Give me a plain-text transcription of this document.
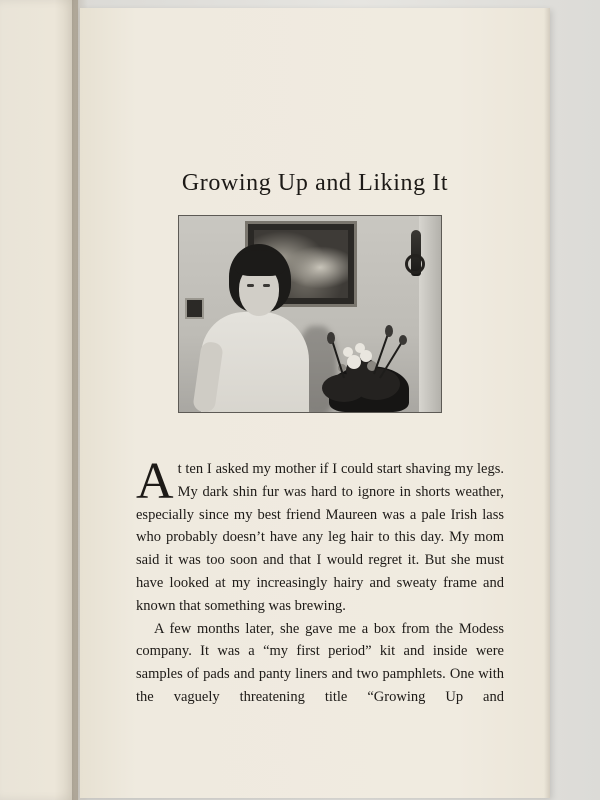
Growing Up and Liking It

At ten I asked my mother if I could start shaving my legs. My dark shin fur was hard to ignore in shorts weather, especially since my best friend Maureen was a pale Irish lass who probably doesn’t have any leg hair to this day. My mom said it was too soon and that I would regret it. But she must have looked at my increasingly hairy and sweaty frame and known that something was brewing.

A few months later, she gave me a box from the Modess company. It was a “my first period” kit and inside were samples of pads and panty liners and two pamphlets. One with the vaguely threatening title “Growing Up and
